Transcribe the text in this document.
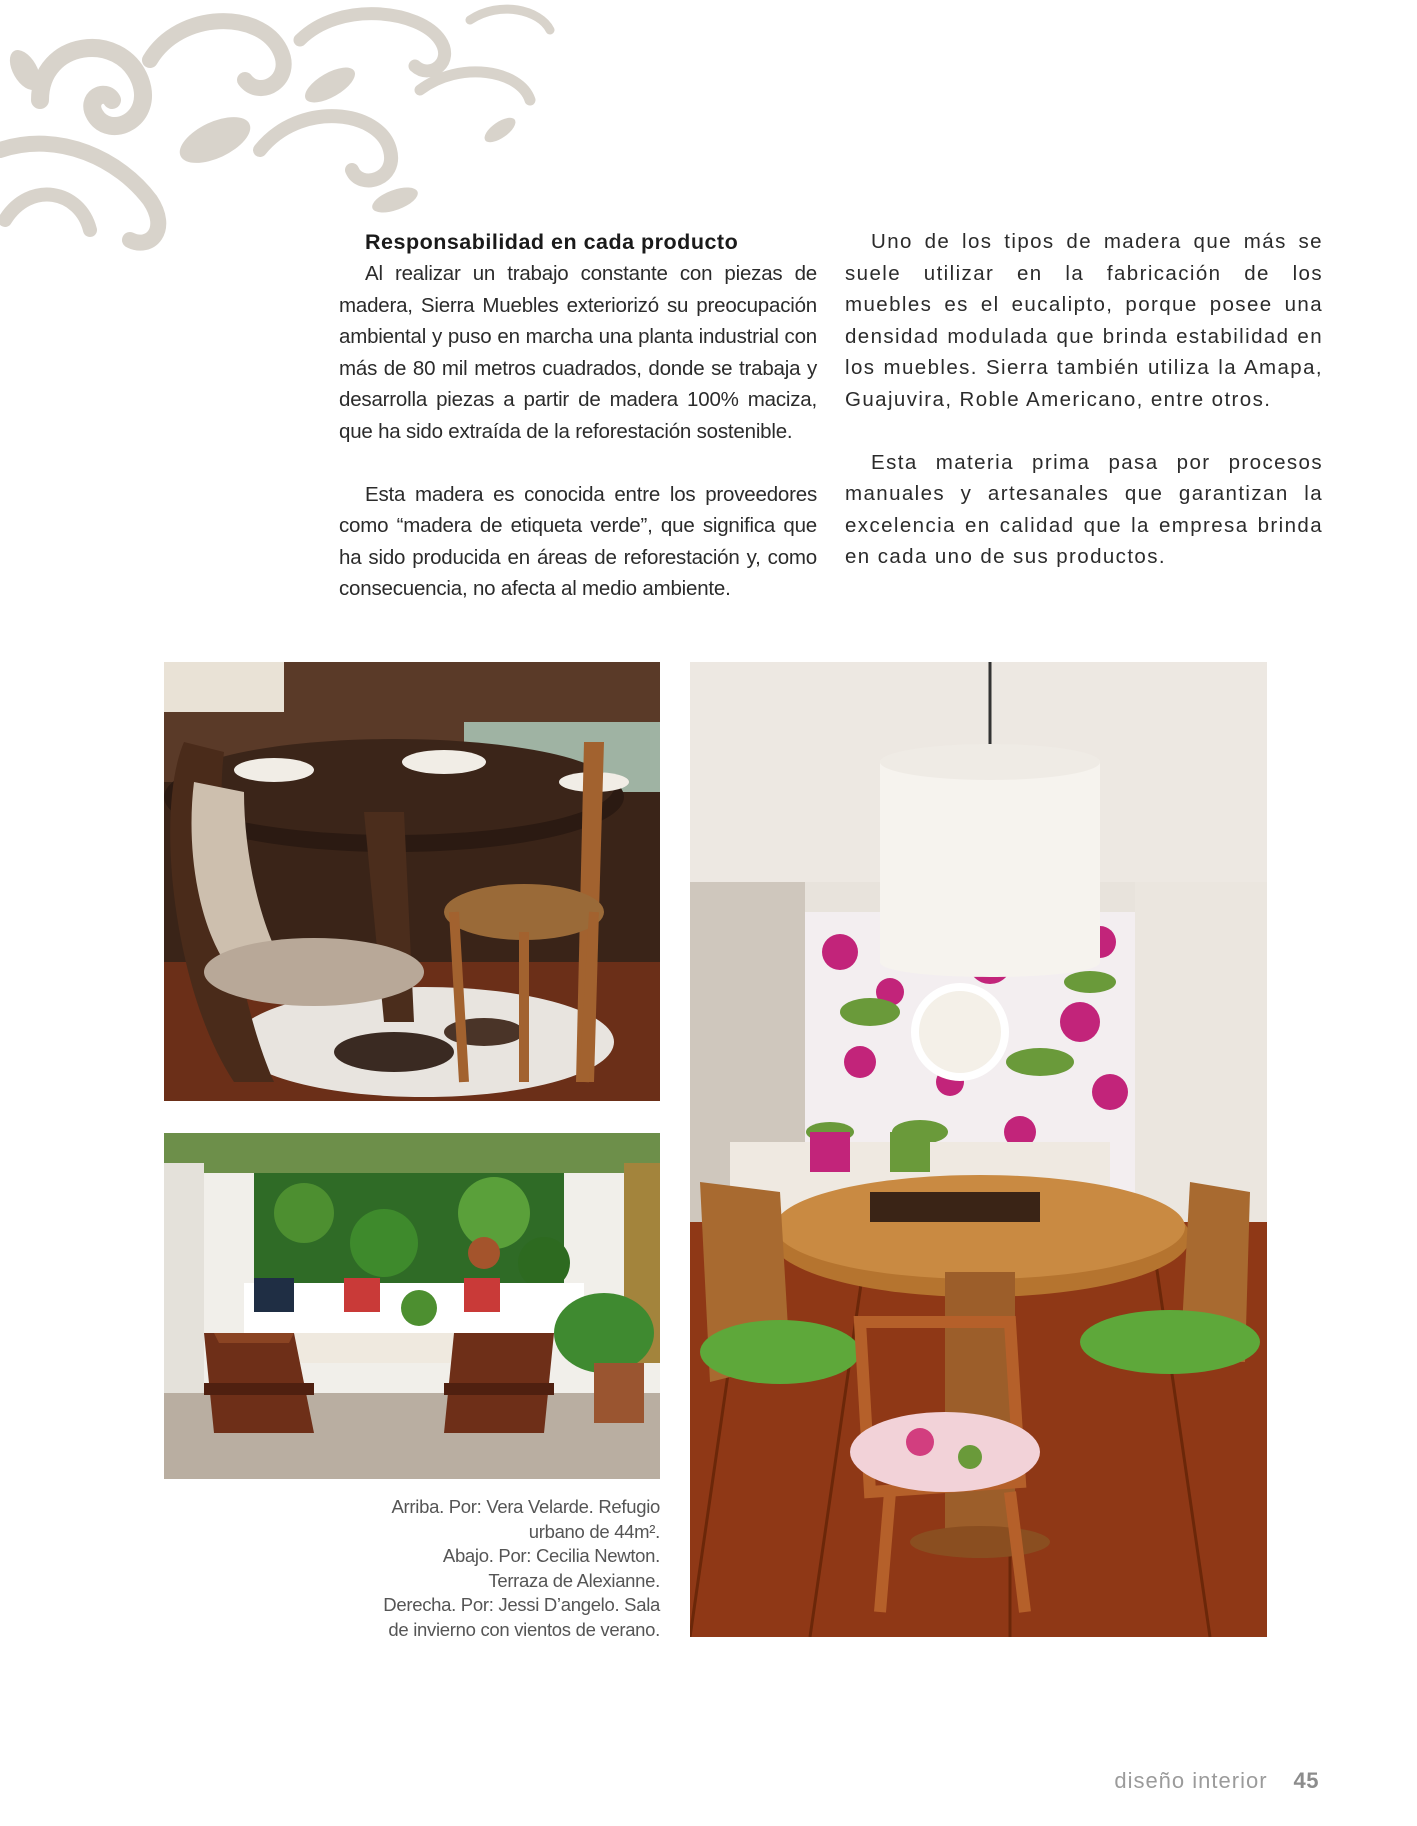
Responsabilidad en cada producto

Al realizar un trabajo constante con piezas de madera, Sierra Muebles exteriorizó su preocupación ambiental y puso en marcha una planta industrial con más de 80 mil metros cuadrados, donde se trabaja y desarrolla piezas a partir de madera 100% maciza, que ha sido extraída de la reforestación sostenible.

Esta madera es conocida entre los proveedores como “madera de etiqueta verde”, que significa que ha sido producida en áreas de reforestación y, como consecuencia, no afecta al medio ambiente.

Uno de los tipos de madera que más se suele utilizar en la fabricación de los muebles es el eucalipto, porque posee una densidad modulada que brinda estabilidad en los muebles. Sierra también utiliza la Amapa, Guajuvira, Roble Americano, entre otros.

Esta materia prima pasa por procesos manuales y artesanales que garantizan la excelencia en calidad que la empresa brinda en cada uno de sus productos.

Arriba. Por: Vera Velarde. Refugio
urbano de 44m².
Abajo. Por: Cecilia Newton.
Terraza de Alexianne.
Derecha. Por: Jessi D’angelo. Sala
de invierno con vientos de verano.
diseño interior 45
